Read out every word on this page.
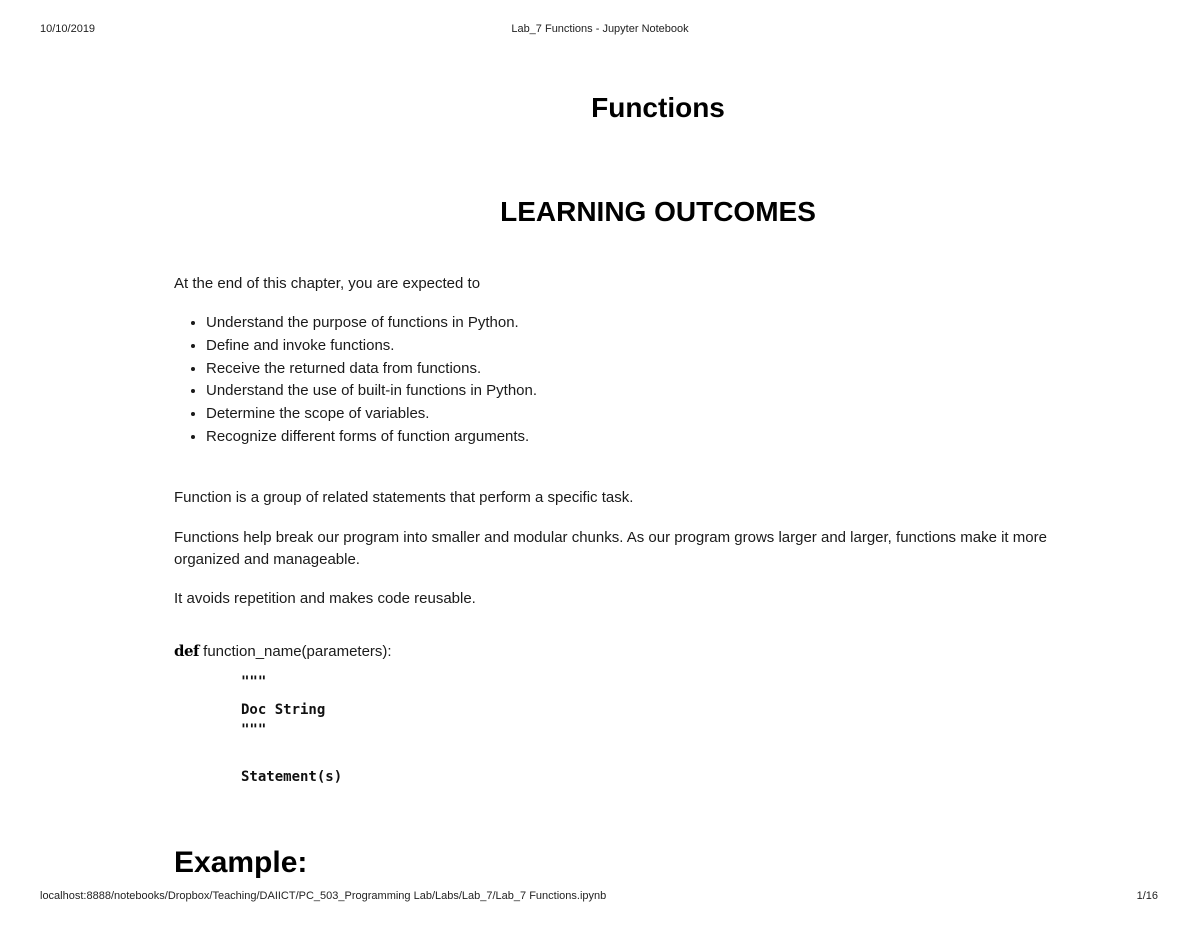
10/10/2019	Lab_7 Functions - Jupyter Notebook
Functions
LEARNING OUTCOMES
At the end of this chapter, you are expected to
• Understand the purpose of functions in Python.
• Define and invoke functions.
• Receive the returned data from functions.
• Understand the use of built-in functions in Python.
• Determine the scope of variables.
• Recognize different forms of function arguments.
Function is a group of related statements that perform a specific task.
Functions help break our program into smaller and modular chunks. As our program grows larger and larger, functions make it more organized and manageable.
It avoids repetition and makes code reusable.
def function_name(parameters):
"""
Doc String
"""
Statement(s)
Example:
localhost:8888/notebooks/Dropbox/Teaching/DAIICT/PC_503_Programming Lab/Labs/Lab_7/Lab_7 Functions.ipynb	1/16
